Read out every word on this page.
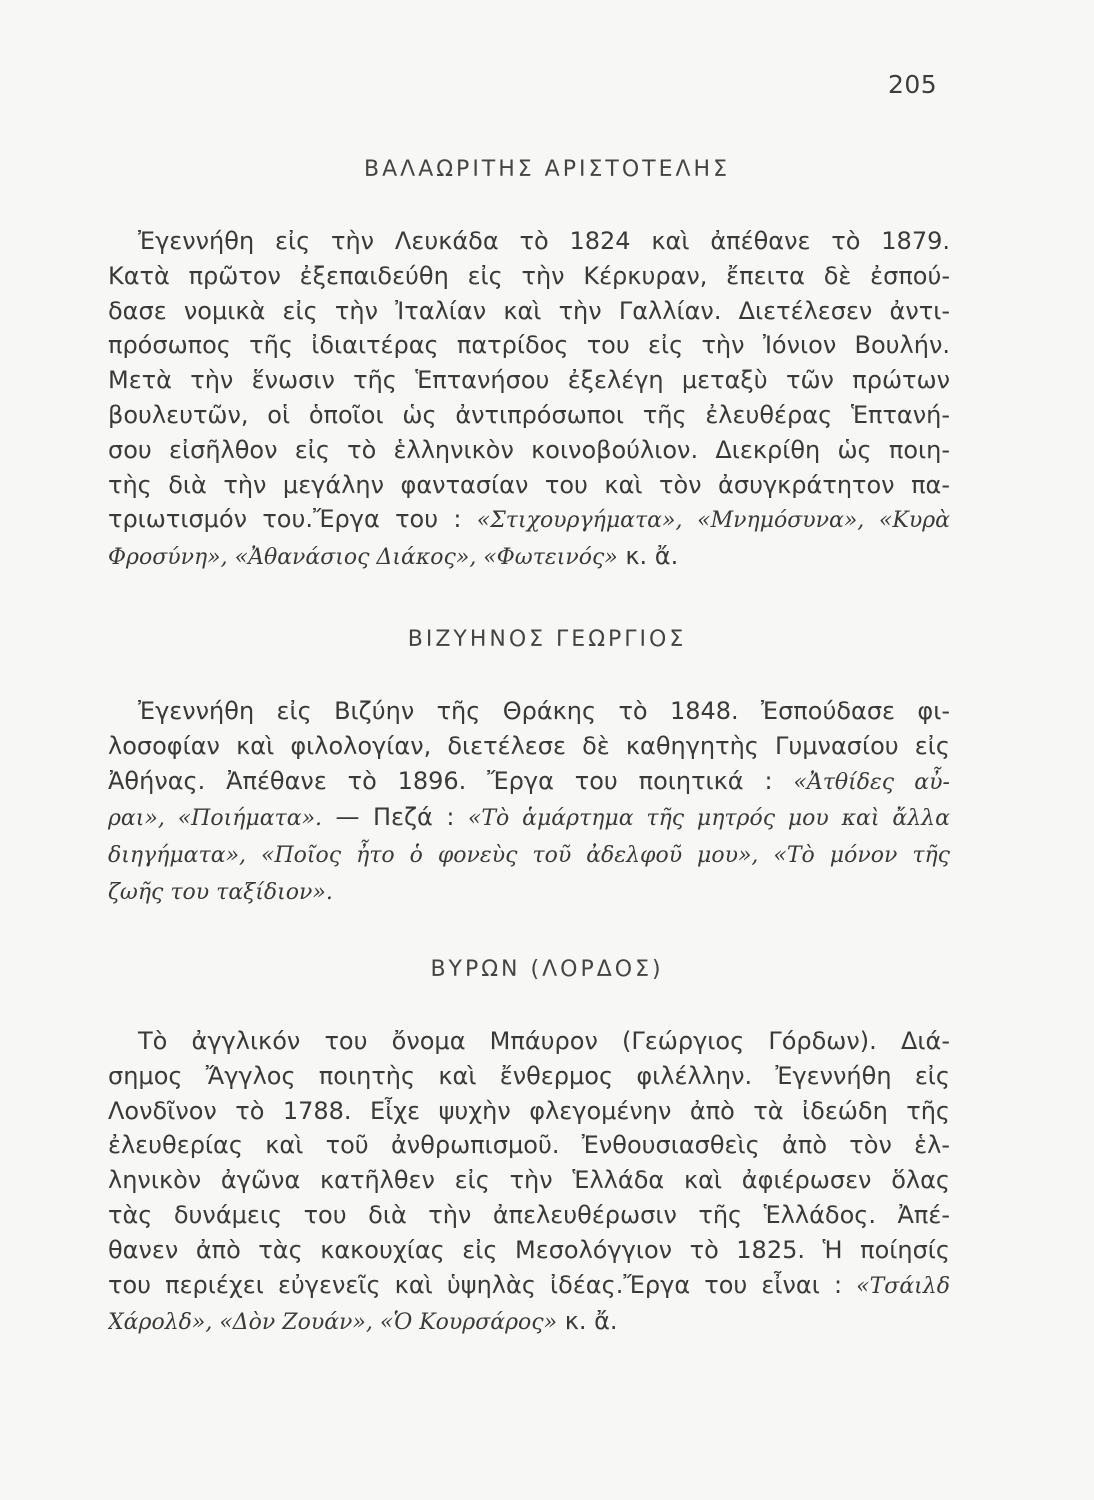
205
ΒΑΛΑΩΡΙΤΗΣ ΑΡΙΣΤΟΤΕΛΗΣ
Ἐγεννήθη εἰς τὴν Λευκάδα τὸ 1824 καὶ ἀπέθανε τὸ 1879.
Κατὰ πρῶτον ἐξεπαιδεύθη εἰς τὴν Κέρκυραν, ἔπειτα δὲ ἐσπού-
δασε νομικὰ εἰς τὴν Ἰταλίαν καὶ τὴν Γαλλίαν. Διετέλεσεν ἀντι-
πρόσωπος τῆς ἰδιαιτέρας πατρίδος του εἰς τὴν Ἰόνιον Βουλήν.
Μετὰ τὴν ἕνωσιν τῆς Ἑπτανήσου ἐξελέγη μεταξὺ τῶν πρώτων
βουλευτῶν, οἱ ὁποῖοι ὡς ἀντιπρόσωποι τῆς ἐλευθέρας Ἑπτανή-
σου εἰσῆλθον εἰς τὸ ἑλληνικὸν κοινοβούλιον. Διεκρίθη ὡς ποιη-
τὴς διὰ τὴν μεγάλην φαντασίαν του καὶ τὸν ἀσυγκράτητον πα-
τριωτισμόν του.Ἔργα του : «Στιχουργήματα», «Μνημόσυνα», «Κυρὰ
Φροσύνη», «Ἀθανάσιος Διάκος», «Φωτεινός» κ. ἄ.
ΒΙΖΥΗΝΟΣ ΓΕΩΡΓΙΟΣ
Ἐγεννήθη εἰς Βιζύην τῆς Θράκης τὸ 1848. Ἐσπούδασε φι-
λοσοφίαν καὶ φιλολογίαν, διετέλεσε δὲ καθηγητὴς Γυμνασίου εἰς
Ἀθήνας. Ἀπέθανε τὸ 1896. Ἔργα του ποιητικά : «Ἀτθίδες αὖ-
ραι», «Ποιήματα». — Πεζά : «Τὸ ἁμάρτημα τῆς μητρός μου καὶ ἄλλα
διηγήματα», «Ποῖος ἦτο ὁ φονεὺς τοῦ ἀδελφοῦ μου», «Τὸ μόνον τῆς
ζωῆς του ταξίδιον».
ΒΥΡΩΝ (ΛΟΡΔΟΣ)
Τὸ ἀγγλικόν του ὄνομα Μπάυρον (Γεώργιος Γόρδων). Διά-
σημος Ἄγγλος ποιητὴς καὶ ἔνθερμος φιλέλλην. Ἐγεννήθη εἰς
Λονδῖνον τὸ 1788. Εἶχε ψυχὴν φλεγομένην ἀπὸ τὰ ἰδεώδη τῆς
ἐλευθερίας καὶ τοῦ ἀνθρωπισμοῦ. Ἐνθουσιασθεὶς ἀπὸ τὸν ἑλ-
ληνικὸν ἀγῶνα κατῆλθεν εἰς τὴν Ἑλλάδα καὶ ἀφιέρωσεν ὅλας
τὰς δυνάμεις του διὰ τὴν ἀπελευθέρωσιν τῆς Ἑλλάδος. Ἀπέ-
θανεν ἀπὸ τὰς κακουχίας εἰς Μεσολόγγιον τὸ 1825. Ἡ ποίησίς
του περιέχει εὐγενεῖς καὶ ὑψηλὰς ἰδέας.Ἔργα του εἶναι : «Τσάιλδ
Χάρολδ», «Δὸν Ζουάν», «Ὁ Κουρσάρος» κ. ἄ.
